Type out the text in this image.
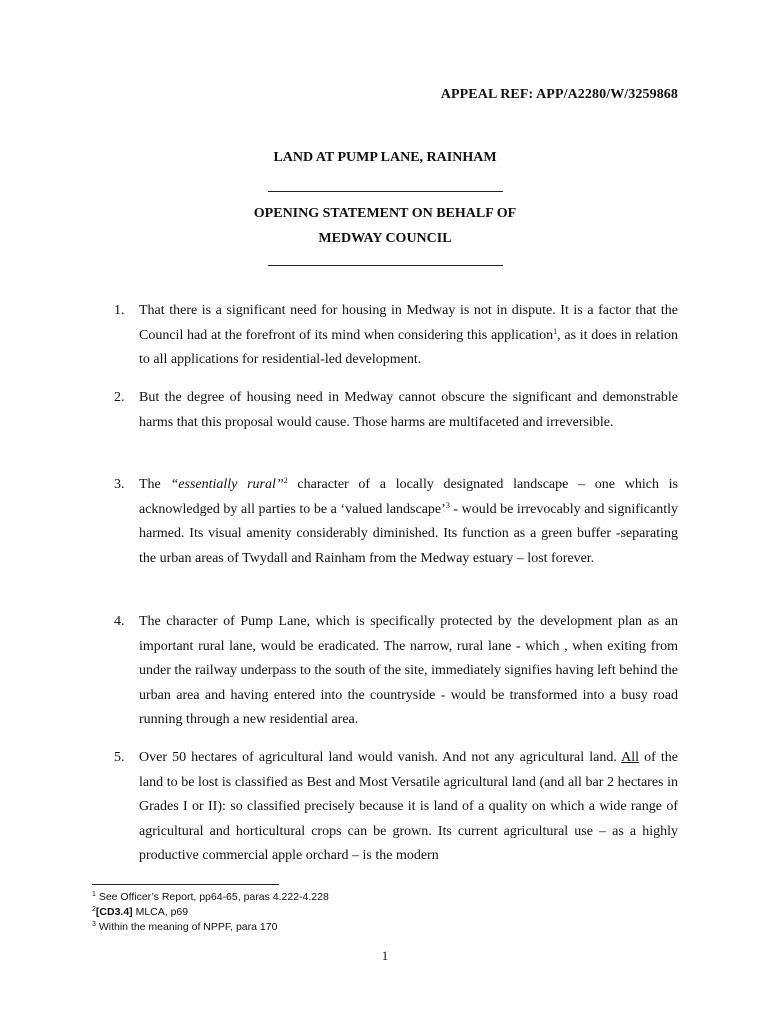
APPEAL REF: APP/A2280/W/3259868
LAND AT PUMP LANE, RAINHAM
OPENING STATEMENT ON BEHALF OF
MEDWAY COUNCIL
1. That there is a significant need for housing in Medway is not in dispute. It is a factor that the Council had at the forefront of its mind when considering this application$^1$, as it does in relation to all applications for residential-led development.
2. But the degree of housing need in Medway cannot obscure the significant and demonstrable harms that this proposal would cause. Those harms are multifaceted and irreversible.
3. The “essentially rural”$^2$ character of a locally designated landscape – one which is acknowledged by all parties to be a ‘valued landscape’$^3$ - would be irrevocably and significantly harmed. Its visual amenity considerably diminished. Its function as a green buffer -separating the urban areas of Twydall and Rainham from the Medway estuary – lost forever.
4. The character of Pump Lane, which is specifically protected by the development plan as an important rural lane, would be eradicated. The narrow, rural lane - which , when exiting from under the railway underpass to the south of the site, immediately signifies having left behind the urban area and having entered into the countryside - would be transformed into a busy road running through a new residential area.
5. Over 50 hectares of agricultural land would vanish. And not any agricultural land. All of the land to be lost is classified as Best and Most Versatile agricultural land (and all bar 2 hectares in Grades I or II): so classified precisely because it is land of a quality on which a wide range of agricultural and horticultural crops can be grown. Its current agricultural use – as a highly productive commercial apple orchard – is the modern
$^1$ See Officer’s Report, pp64-65, paras 4.222-4.228
$^2$[CD3.4] MLCA, p69
$^3$ Within the meaning of NPPF, para 170
1
